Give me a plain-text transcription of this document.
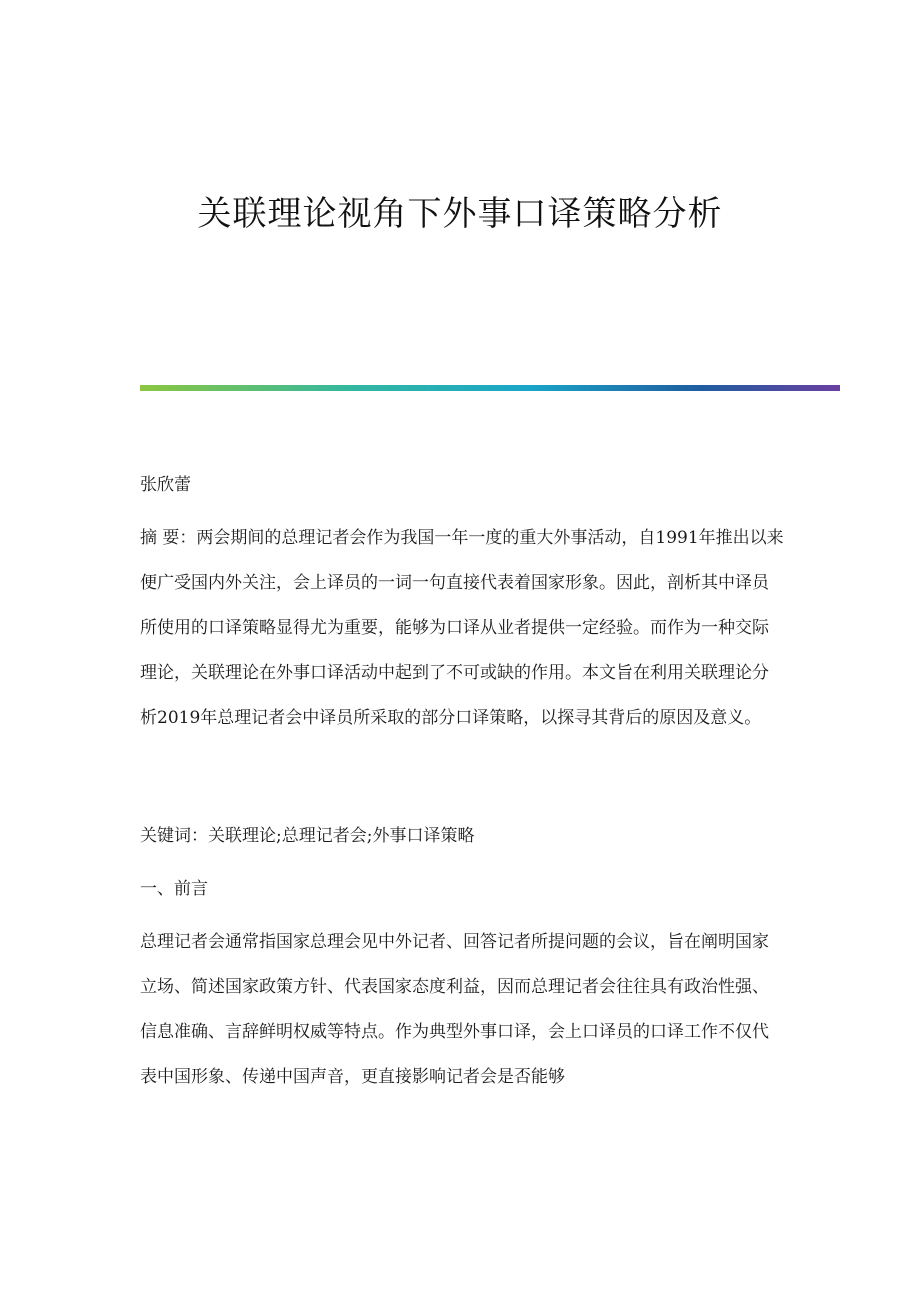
关联理论视角下外事口译策略分析

张欣蕾

摘 要：两会期间的总理记者会作为我国一年一度的重大外事活动，自1991年推出以来便广受国内外关注，会上译员的一词一句直接代表着国家形象。因此，剖析其中译员所使用的口译策略显得尤为重要，能够为口译从业者提供一定经验。而作为一种交际理论，关联理论在外事口译活动中起到了不可或缺的作用。本文旨在利用关联理论分析2019年总理记者会中译员所采取的部分口译策略，以探寻其背后的原因及意义。

关键词：关联理论;总理记者会;外事口译策略

一、前言

总理记者会通常指国家总理会见中外记者、回答记者所提问题的会议，旨在阐明国家立场、简述国家政策方针、代表国家态度利益，因而总理记者会往往具有政治性强、信息准确、言辞鲜明权威等特点。作为典型外事口译，会上口译员的口译工作不仅代表中国形象、传递中国声音，更直接影响记者会是否能够
